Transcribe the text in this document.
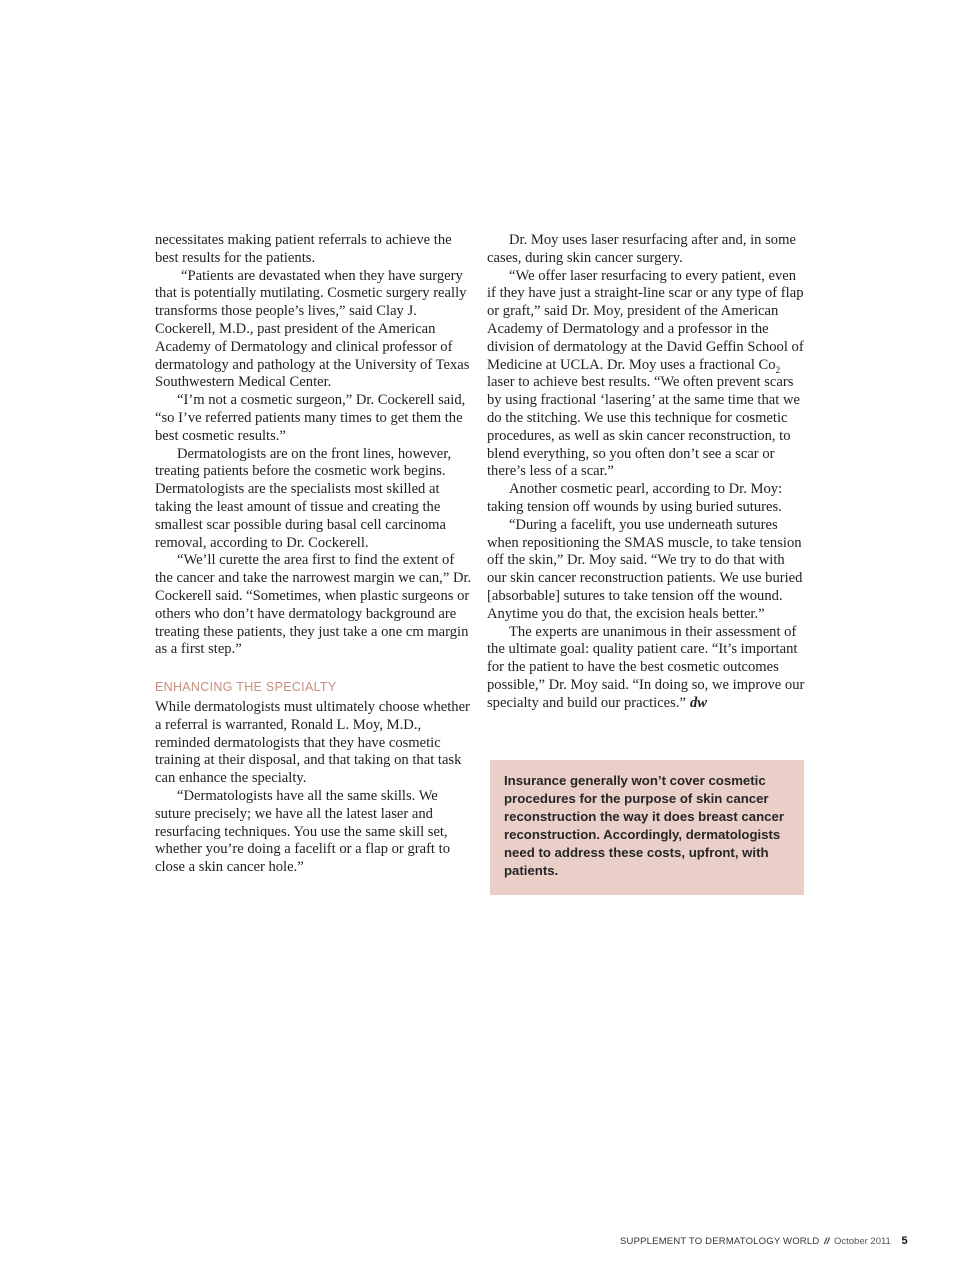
necessitates making patient referrals to achieve the best results for the patients.

“Patients are devastated when they have surgery that is potentially mutilating. Cosmetic surgery really transforms those people’s lives,” said Clay J. Cockerell, M.D., past president of the American Academy of Dermatology and clinical professor of dermatology and pathology at the University of Texas Southwestern Medical Center.

“I’m not a cosmetic surgeon,” Dr. Cockerell said, “so I’ve referred patients many times to get them the best cosmetic results.”

Dermatologists are on the front lines, however, treating patients before the cosmetic work begins. Dermatologists are the specialists most skilled at taking the least amount of tissue and creating the smallest scar possible during basal cell carcinoma removal, according to Dr. Cockerell.

“We’ll curette the area first to find the extent of the cancer and take the narrowest margin we can,” Dr. Cockerell said. “Sometimes, when plastic surgeons or others who don’t have dermatology background are treating these patients, they just take a one cm margin as a first step.”

ENHANCING THE SPECIALTY

While dermatologists must ultimately choose whether a referral is warranted, Ronald L. Moy, M.D., reminded dermatologists that they have cosmetic training at their disposal, and that taking on that task can enhance the specialty.

“Dermatologists have all the same skills. We suture precisely; we have all the latest laser and resurfacing techniques. You use the same skill set, whether you’re doing a facelift or a flap or graft to close a skin cancer hole.”

Dr. Moy uses laser resurfacing after and, in some cases, during skin cancer surgery.

“We offer laser resurfacing to every patient, even if they have just a straight-line scar or any type of flap or graft,” said Dr. Moy, president of the American Academy of Dermatology and a professor in the division of dermatology at the David Geffin School of Medicine at UCLA. Dr. Moy uses a fractional $Co_2$ laser to achieve best results. “We often prevent scars by using fractional ‘lasering’ at the same time that we do the stitching. We use this technique for cosmetic procedures, as well as skin cancer reconstruction, to blend everything, so you often don’t see a scar or there’s less of a scar.”

Another cosmetic pearl, according to Dr. Moy: taking tension off wounds by using buried sutures.

“During a facelift, you use underneath sutures when repositioning the SMAS muscle, to take tension off the skin,” Dr. Moy said. “We try to do that with our skin cancer reconstruction patients. We use buried [absorbable] sutures to take tension off the wound. Anytime you do that, the excision heals better.”

The experts are unanimous in their assessment of the ultimate goal: quality patient care. “It’s important for the patient to have the best cosmetic outcomes possible,” Dr. Moy said. “In doing so, we improve our specialty and build our practices.” dw

Insurance generally won’t cover cosmetic procedures for the purpose of skin cancer reconstruction the way it does breast cancer reconstruction. Accordingly, dermatologists need to address these costs, upfront, with patients.
SUPPLEMENT TO DERMATOLOGY WORLD // October 2011 5
